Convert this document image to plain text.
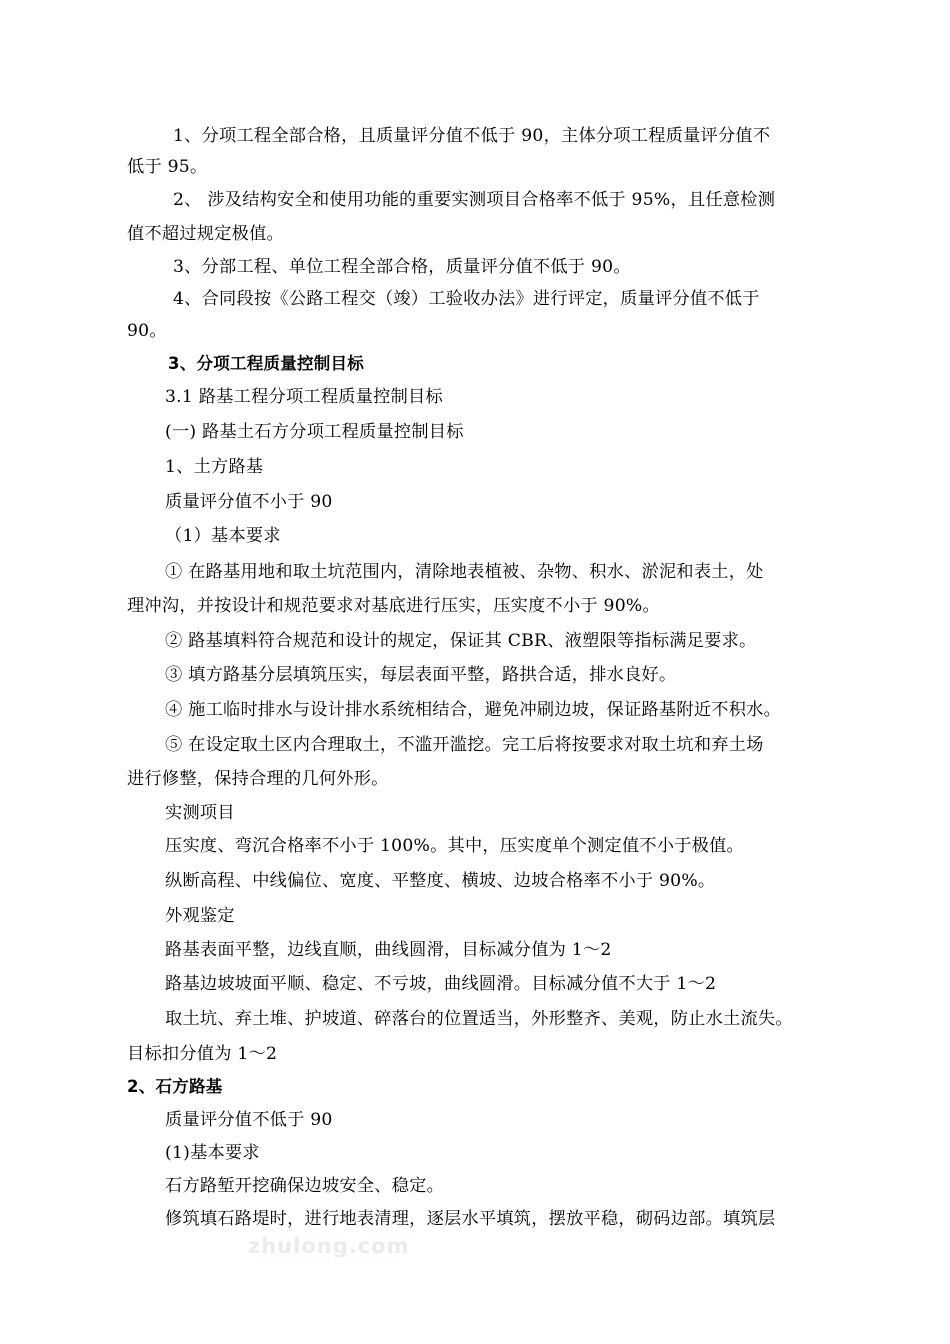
1、分项工程全部合格，且质量评分值不低于 90，主体分项工程质量评分值不
低于 95。
2、 涉及结构安全和使用功能的重要实测项目合格率不低于 95%，且任意检测
值不超过规定极值。
3、分部工程、单位工程全部合格，质量评分值不低于 90。
4、合同段按《公路工程交（竣）工验收办法》进行评定，质量评分值不低于
90。
3、分项工程质量控制目标
3.1 路基工程分项工程质量控制目标
(一) 路基土石方分项工程质量控制目标
1、土方路基
质量评分值不小于 90
（1）基本要求
① 在路基用地和取土坑范围内，清除地表植被、杂物、积水、淤泥和表土，处
理冲沟，并按设计和规范要求对基底进行压实，压实度不小于 90%。
② 路基填料符合规范和设计的规定，保证其 CBR、液塑限等指标满足要求。
③ 填方路基分层填筑压实，每层表面平整，路拱合适，排水良好。
④ 施工临时排水与设计排水系统相结合，避免冲刷边坡，保证路基附近不积水。
⑤ 在设定取土区内合理取土，不滥开滥挖。完工后将按要求对取土坑和弃土场
进行修整，保持合理的几何外形。
实测项目
压实度、弯沉合格率不小于 100%。其中，压实度单个测定值不小于极值。
纵断高程、中线偏位、宽度、平整度、横坡、边坡合格率不小于 90%。
外观鉴定
路基表面平整，边线直顺，曲线圆滑，目标减分值为 1～2
路基边坡坡面平顺、稳定、不亏坡，曲线圆滑。目标减分值不大于 1～2
取土坑、弃土堆、护坡道、碎落台的位置适当，外形整齐、美观，防止水土流失。
目标扣分值为 1～2
2、石方路基
质量评分值不低于 90
(1)基本要求
石方路堑开挖确保边坡安全、稳定。
修筑填石路堤时，进行地表清理，逐层水平填筑，摆放平稳，砌码边部。填筑层
zhulong.com
